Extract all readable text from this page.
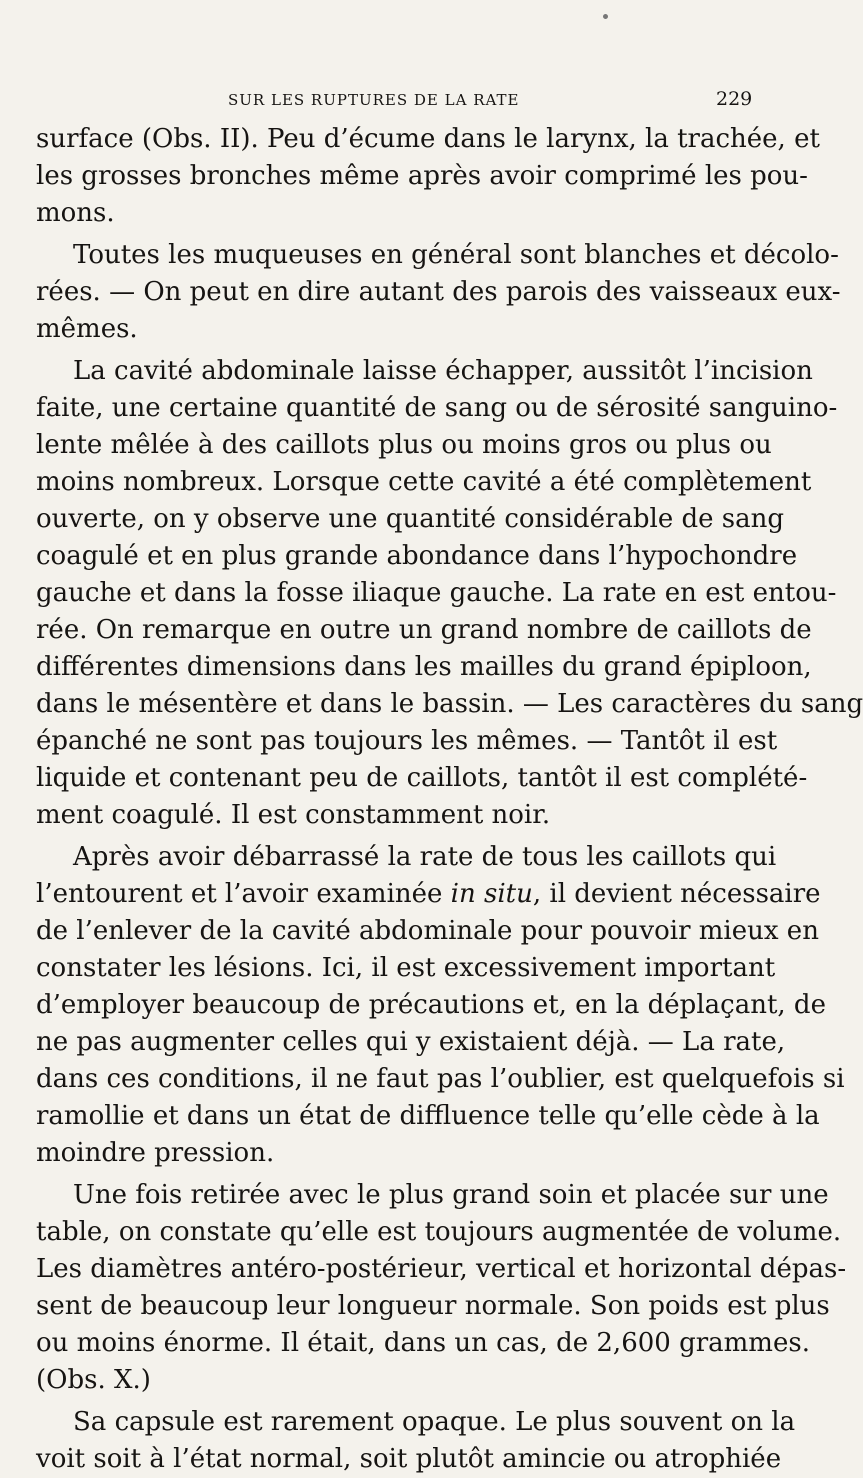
SUR LES RUPTURES DE LA RATE	229
surface (Obs. II). Peu d’écume dans le larynx, la trachée, et
les grosses bronches même après avoir comprimé les pou-
mons.
Toutes les muqueuses en général sont blanches et décolo-
rées. — On peut en dire autant des parois des vaisseaux eux-
mêmes.
La cavité abdominale laisse échapper, aussitôt l’incision
faite, une certaine quantité de sang ou de sérosité sanguino-
lente mêlée à des caillots plus ou moins gros ou plus ou
moins nombreux. Lorsque cette cavité a été complètement
ouverte, on y observe une quantité considérable de sang
coagulé et en plus grande abondance dans l’hypochondre
gauche et dans la fosse iliaque gauche. La rate en est entou-
rée. On remarque en outre un grand nombre de caillots de
différentes dimensions dans les mailles du grand épiploon,
dans le mésentère et dans le bassin. — Les caractères du sang
épanché ne sont pas toujours les mêmes. — Tantôt il est
liquide et contenant peu de caillots, tantôt il est complété-
ment coagulé. Il est constamment noir.
Après avoir débarrassé la rate de tous les caillots qui
l’entourent et l’avoir examinée in situ, il devient nécessaire
de l’enlever de la cavité abdominale pour pouvoir mieux en
constater les lésions. Ici, il est excessivement important
d’employer beaucoup de précautions et, en la déplaçant, de
ne pas augmenter celles qui y existaient déjà. — La rate,
dans ces conditions, il ne faut pas l’oublier, est quelquefois si
ramollie et dans un état de diffluence telle qu’elle cède à la
moindre pression.
Une fois retirée avec le plus grand soin et placée sur une
table, on constate qu’elle est toujours augmentée de volume.
Les diamètres antéro-postérieur, vertical et horizontal dépas-
sent de beaucoup leur longueur normale. Son poids est plus
ou moins énorme. Il était, dans un cas, de 2,600 grammes.
(Obs. X.)
Sa capsule est rarement opaque. Le plus souvent on la
voit soit à l’état normal, soit plutôt amincie ou atrophiée
